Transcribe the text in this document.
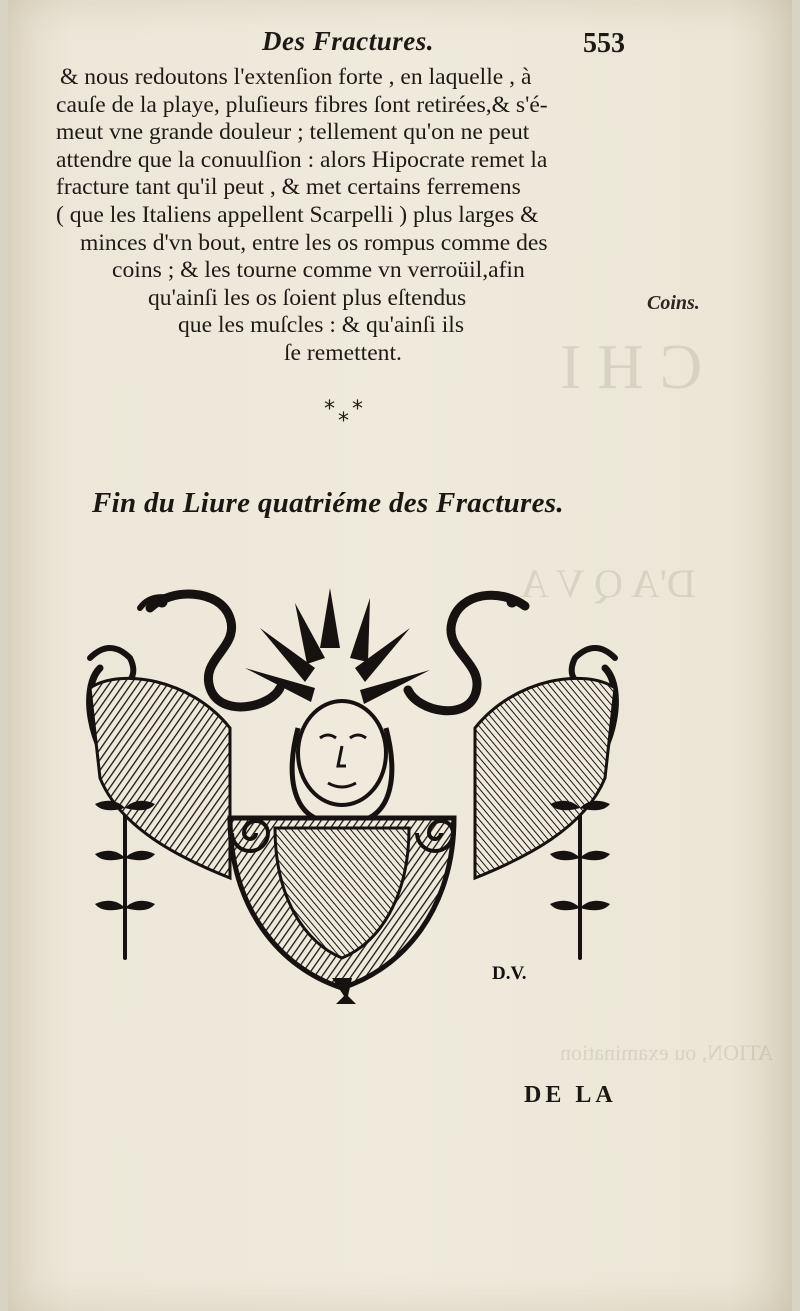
C H I
D'A Q V A
ATION, ou examination
Des Fractures.	553
& nous redoutons l'extenſion forte , en laquelle , à
cauſe de la playe, pluſieurs fibres ſont retirées,& s'é-
meut vne grande douleur ; tellement qu'on ne peut
attendre que la conuulſion : alors Hipocrate remet la
fracture tant qu'il peut , & met certains ferremens
( que les Italiens appellent Scarpelli ) plus larges &
minces d'vn bout, entre les os rompus comme des
coins ; & les tourne comme vn verroüil,afin
qu'ainſi les os ſoient plus eſtendus
que les muſcles : & qu'ainſi ils
ſe remettent.
Coins.
* *
*
Fin du Liure quatriéme des Fractures.
D.V.
DE LA
